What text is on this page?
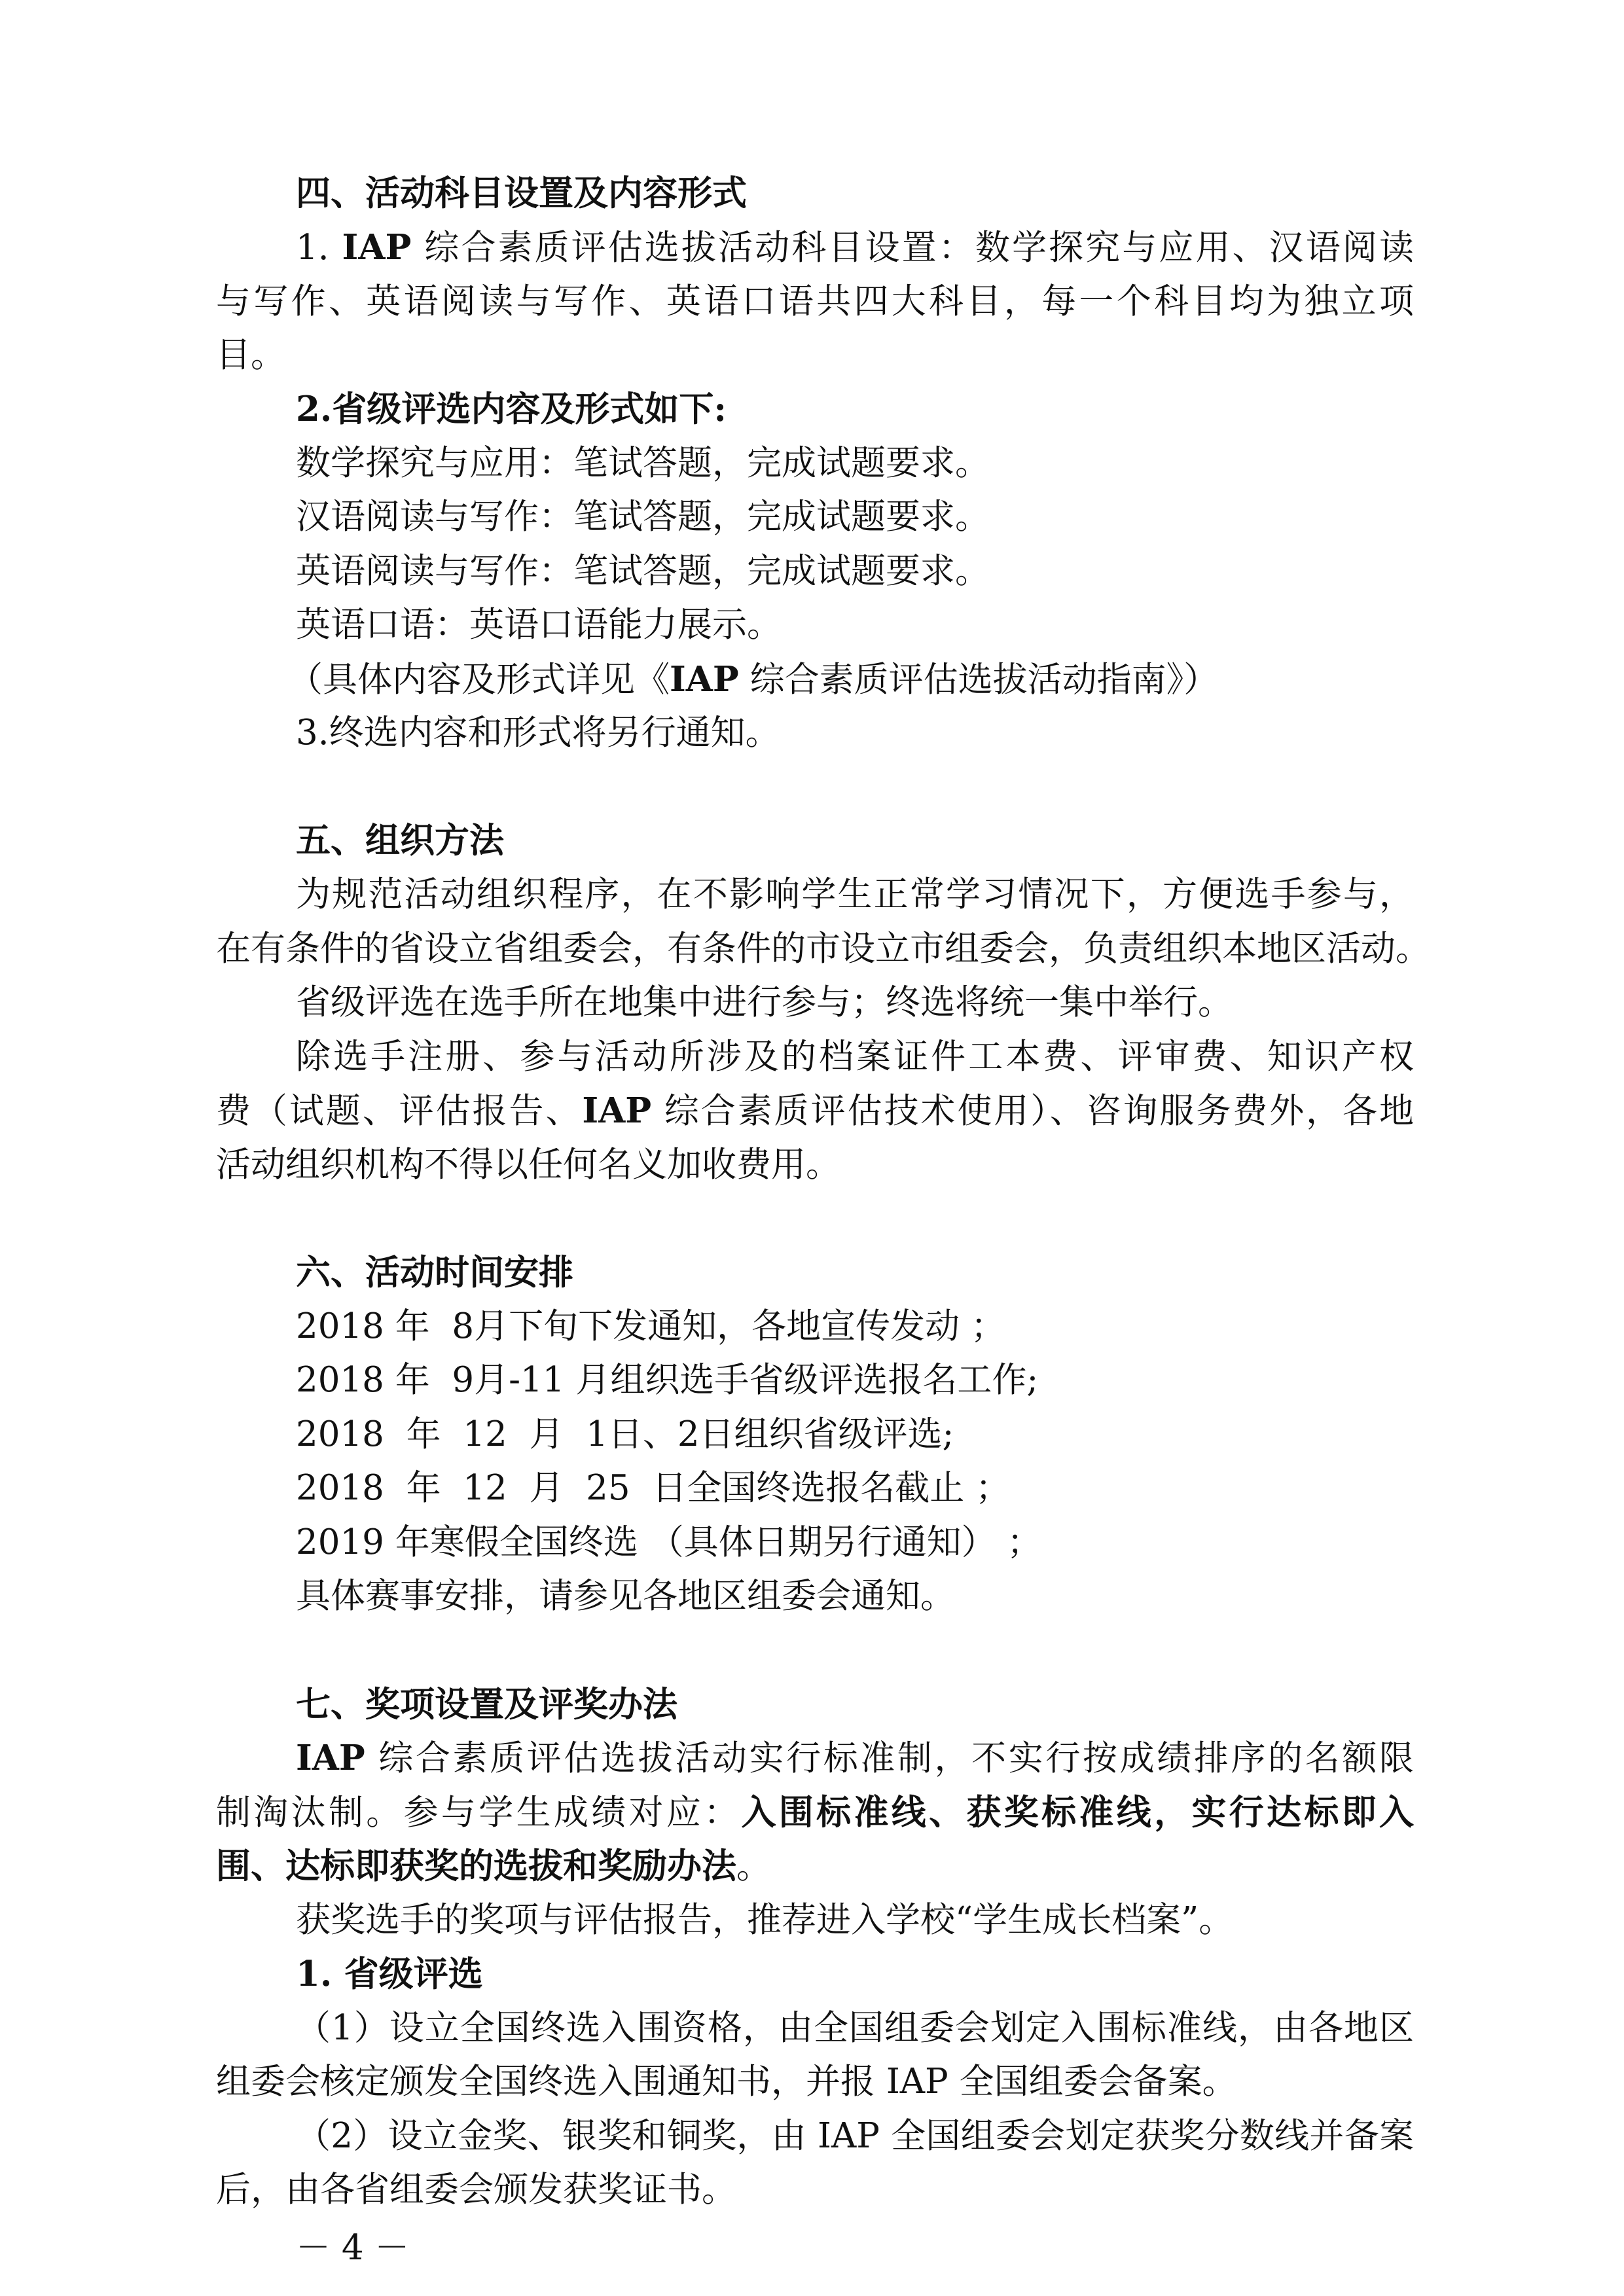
四、活动科目设置及内容形式
1. IAP 综合素质评估选拔活动科目设置：数学探究与应用、汉语阅读
与写作、英语阅读与写作、英语口语共四大科目，每一个科目均为独立项
目。
2.省级评选内容及形式如下:
数学探究与应用：笔试答题，完成试题要求。
汉语阅读与写作：笔试答题，完成试题要求。
英语阅读与写作：笔试答题，完成试题要求。
英语口语：英语口语能力展示。
（具体内容及形式详见《IAP 综合素质评估选拔活动指南》）
3.终选内容和形式将另行通知。
五、组织方法
为规范活动组织程序，在不影响学生正常学习情况下，方便选手参与，
在有条件的省设立省组委会，有条件的市设立市组委会，负责组织本地区活动。
省级评选在选手所在地集中进行参与；终选将统一集中举行。
除选手注册、参与活动所涉及的档案证件工本费、评审费、知识产权
费（试题、评估报告、IAP 综合素质评估技术使用）、咨询服务费外，各地
活动组织机构不得以任何名义加收费用。
六、活动时间安排
2018 年  8月下旬下发通知，各地宣传发动 ；
2018 年  9月-11 月组织选手省级评选报名工作;
2018  年  12  月  1日、2日组织省级评选;
2018  年  12  月  25  日全国终选报名截止 ；
2019 年寒假全国终选 （具体日期另行通知） ；
具体赛事安排，请参见各地区组委会通知。
七、奖项设置及评奖办法
IAP 综合素质评估选拔活动实行标准制，不实行按成绩排序的名额限
制淘汰制。参与学生成绩对应：入围标准线、获奖标准线，实行达标即入
围、达标即获奖的选拔和奖励办法。
获奖选手的奖项与评估报告，推荐进入学校“学生成长档案”。
1. 省级评选
（1）设立全国终选入围资格，由全国组委会划定入围标准线，由各地区
组委会核定颁发全国终选入围通知书，并报 IAP 全国组委会备案。
（2）设立金奖、银奖和铜奖，由 IAP 全国组委会划定获奖分数线并备案
后，由各省组委会颁发获奖证书。
－ 4 －
